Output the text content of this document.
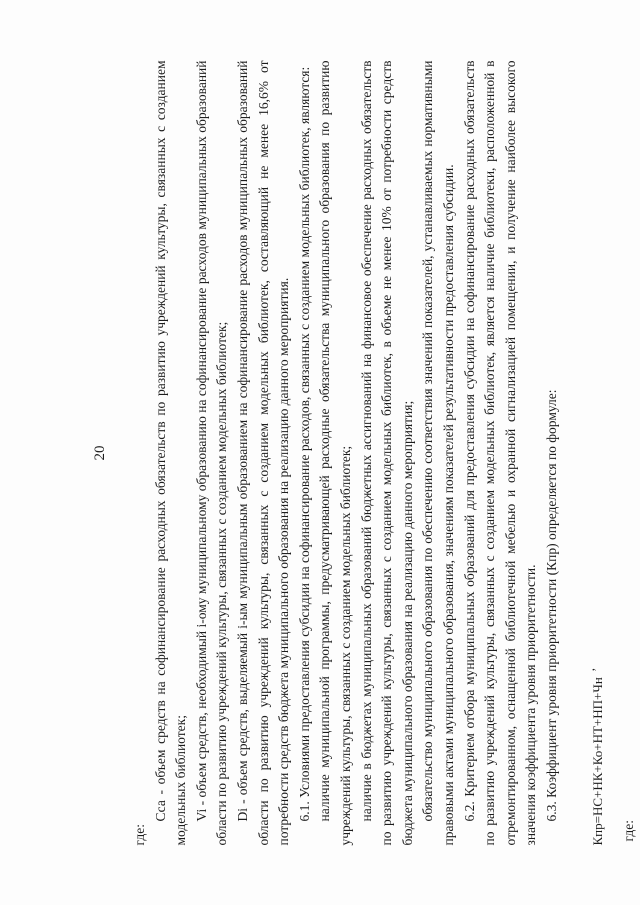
20

где:

Сса - объем средств на софинансирование расходных обязательств по развитию учреждений культуры, связанных с созданием модельных библиотек; Vi - объем средств, необходимый i-ому муниципальному образованию на софинансирование расходов муниципальных образований области по развитию учреждений культуры, связанных с созданием модельных библиотек; Di - объем средств, выделяемый i-ым муниципальным образованием на софинансирование расходов муниципальных образований области по развитию учреждений культуры, связанных с созданием модельных библиотек, составляющий не менее 16,6% от потребности средств бюджета муниципального образования на реализацию данного мероприятия. 6.1. Условиями предоставления субсидии на софинансирование расходов, связанных с созданием модельных библиотек, являются: наличие муниципальной программы, предусматривающей расходные обязательства муниципального образования по развитию учреждений культуры, связанных с созданием модельных библиотек; наличие в бюджетах муниципальных образований бюджетных ассигнований на финансовое обеспечение расходных обязательств по развитию учреждений культуры, связанных с созданием модельных библиотек, в объеме не менее 10% от потребности средств бюджета муниципального образования на реализацию данного мероприятия; обязательство муниципального образования по обеспечению соответствия значений показателей, устанавливаемых нормативными правовыми актами муниципального образования, значениям показателей результативности предоставления субсидии. 6.2. Критерием отбора муниципальных образований для предоставления субсидии на софинансирование расходных обязательств по развитию учреждений культуры, связанных с созданием модельных библиотек, является наличие библиотеки, расположенной в отремонтированном, оснащенной библиотечной мебелью и охранной сигнализацией помещении, и получение наиболее высокого значения коэффициента уровня приоритетности. 6.3. Коэффициент уровня приоритетности (Кпр) определяется по формуле: Кпр=НС+НК+Ко+НТ+НП+Чн,

где:
